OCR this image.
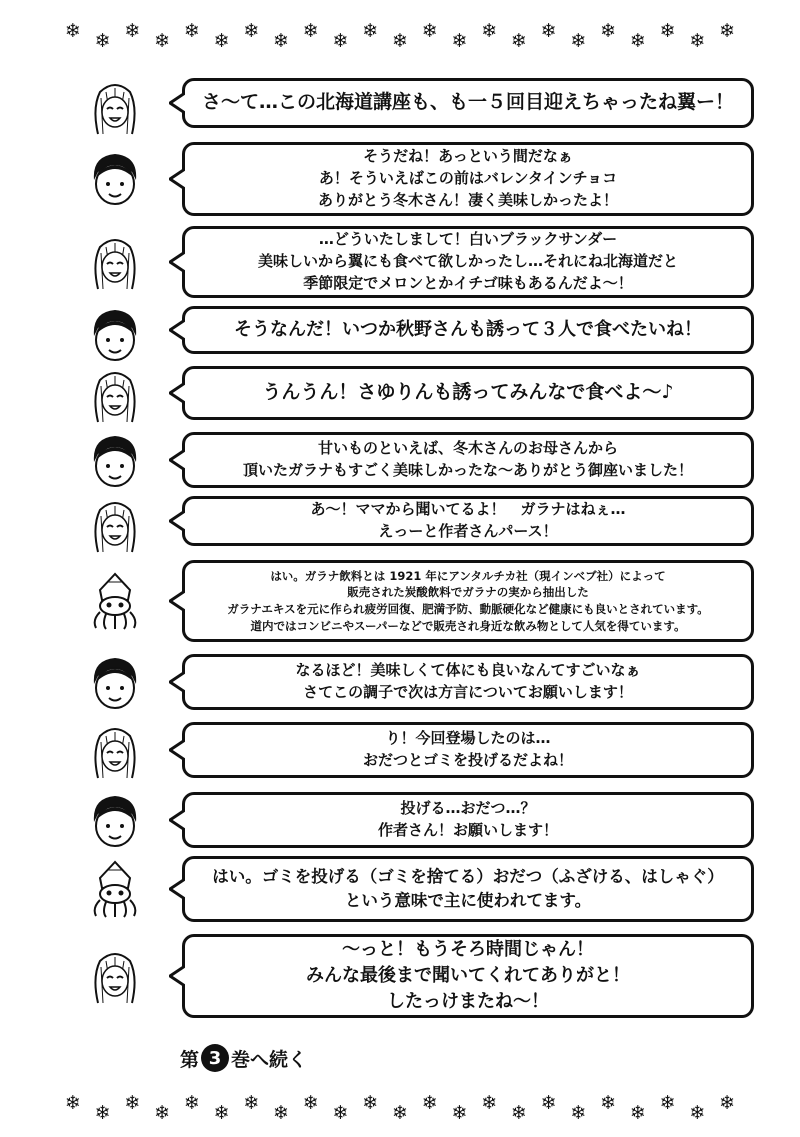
❄ ❄ ❄ ❄ ❄ ❄ ❄ ❄ ❄ ❄ ❄ ❄ ❄ ❄ ❄ ❄ ❄ ❄ ❄ ❄ ❄ ❄ ❄
❄ ❄ ❄ ❄ ❄ ❄ ❄ ❄ ❄ ❄ ❄ ❄ ❄ ❄ ❄ ❄ ❄ ❄ ❄ ❄ ❄ ❄ ❄
さ〜て…この北海道講座も、も一５回目迎えちゃったね翼ー！
そうだね！あっという間だなぁ
あ！そういえばこの前はバレンタインチョコ
ありがとう冬木さん！凄く美味しかったよ！
…どういたしまして！白いブラックサンダー
美味しいから翼にも食べて欲しかったし…それにね北海道だと
季節限定でメロンとかイチゴ味もあるんだよ〜！
そうなんだ！いつか秋野さんも誘って３人で食べたいね！
うんうん！さゆりんも誘ってみんなで食べよ〜♪
甘いものといえば、冬木さんのお母さんから
頂いたガラナもすごく美味しかったな〜ありがとう御座いました！
あ〜！ママから聞いてるよ！　ガラナはねぇ…
えっーと作者さんパース！
はい。ガラナ飲料とは 1921 年にアンタルチカ社（現インベブ社）によって
販売された炭酸飲料でガラナの実から抽出した
ガラナエキスを元に作られ疲労回復、肥満予防、動脈硬化など健康にも良いとされています。
道内ではコンビニやスーパーなどで販売され身近な飲み物として人気を得ています。
なるほど！美味しくて体にも良いなんてすごいなぁ
さてこの調子で次は方言についてお願いします！
り！今回登場したのは…
おだつとゴミを投げるだよね！
投げる…おだつ…？
作者さん！お願いします！
はい。ゴミを投げる（ゴミを捨てる）おだつ（ふざける、はしゃぐ）
という意味で主に使われてます。
〜っと！もうそろ時間じゃん！
みんな最後まで聞いてくれてありがと！
したっけまたね〜！
第 3 巻へ続く
